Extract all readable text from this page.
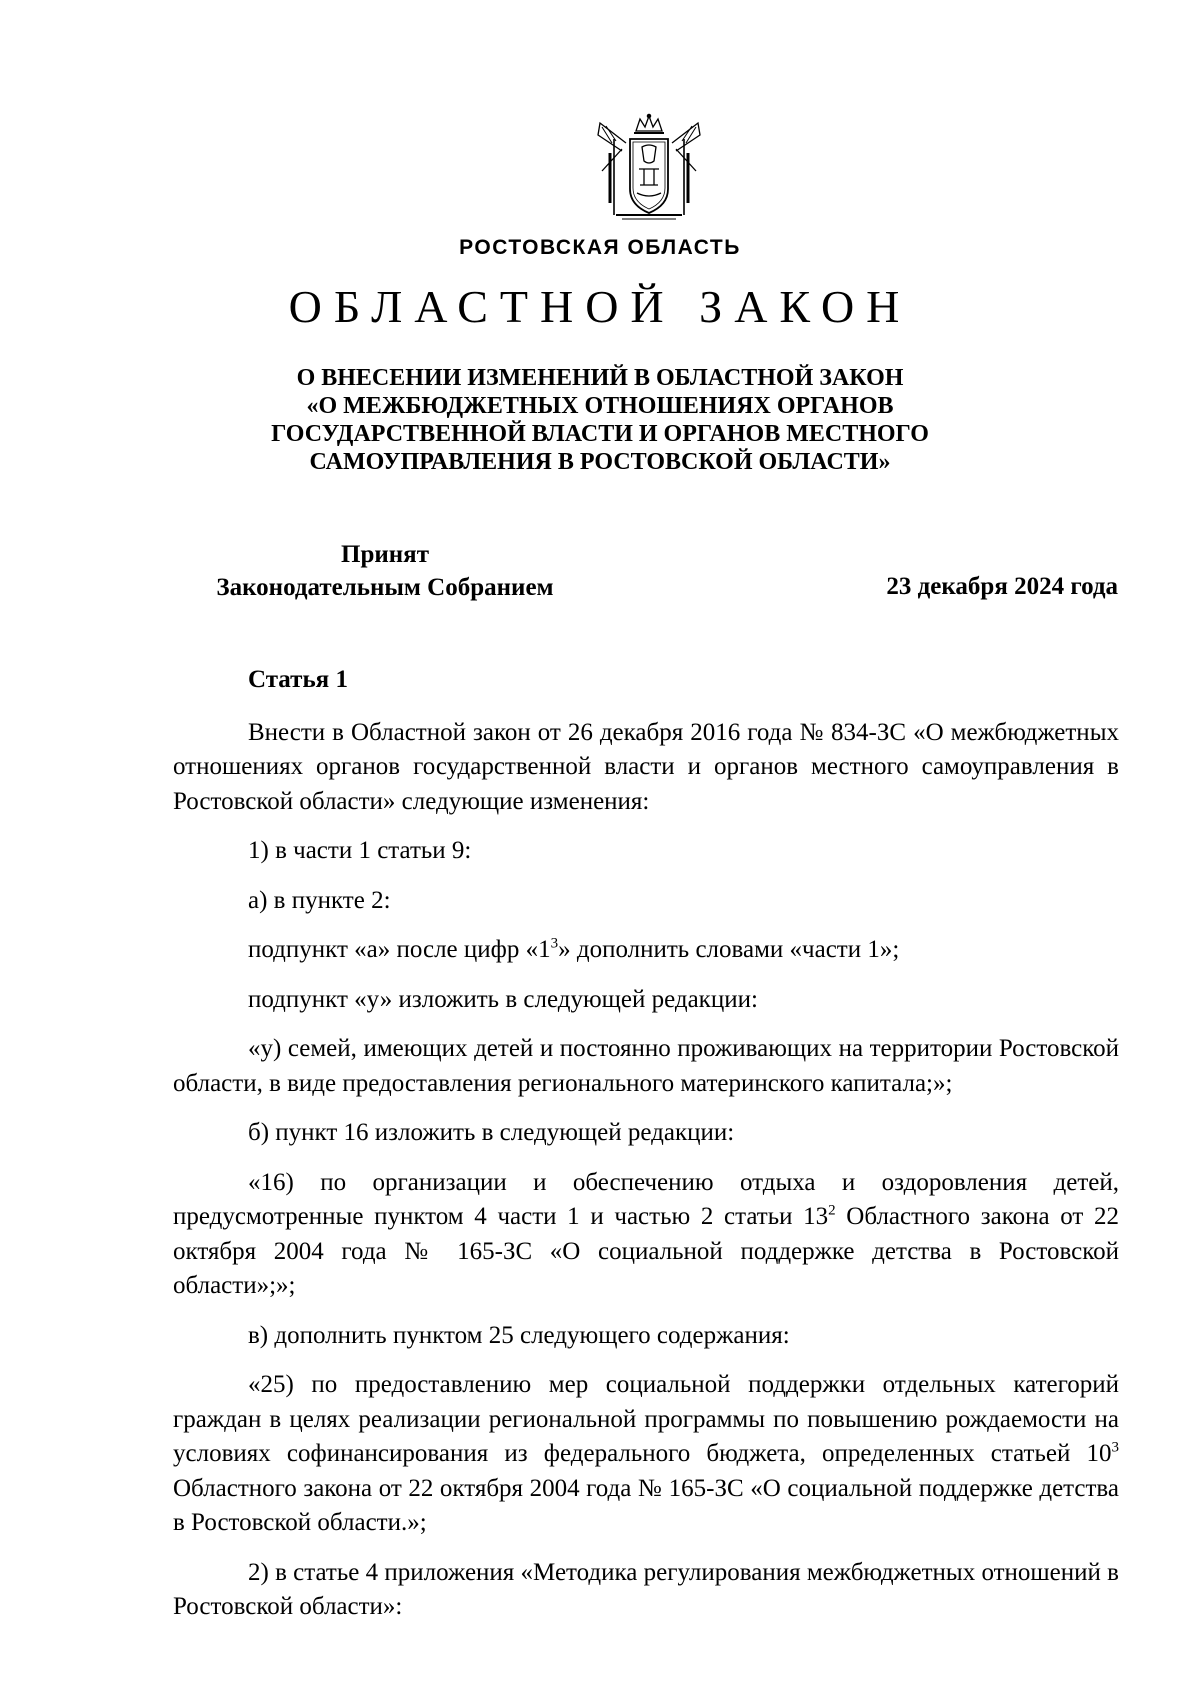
РОСТОВСКАЯ ОБЛАСТЬ
ОБЛАСТНОЙ ЗАКОН
О ВНЕСЕНИИ ИЗМЕНЕНИЙ В ОБЛАСТНОЙ ЗАКОН
«О МЕЖБЮДЖЕТНЫХ ОТНОШЕНИЯХ ОРГАНОВ
ГОСУДАРСТВЕННОЙ ВЛАСТИ И ОРГАНОВ МЕСТНОГО
САМОУПРАВЛЕНИЯ В РОСТОВСКОЙ ОБЛАСТИ»
Принят
Законодательным Собранием	23 декабря 2024 года
Статья 1

Внести в Областной закон от 26 декабря 2016 года № 834-ЗС «О межбюджетных отношениях органов государственной власти и органов местного самоуправления в Ростовской области» следующие изменения:

1) в части 1 статьи 9:

а) в пункте 2:

подпункт «а» после цифр «$1^3$» дополнить словами «части 1»;

подпункт «у» изложить в следующей редакции:

«у) семей, имеющих детей и постоянно проживающих на территории Ростовской области, в виде предоставления регионального материнского капитала;»;

б) пункт 16 изложить в следующей редакции:

«16) по организации и обеспечению отдыха и оздоровления детей, предусмотренные пунктом 4 части 1 и частью 2 статьи $13^2$ Областного закона от 22 октября 2004 года № 165-ЗС «О социальной поддержке детства в Ростовской области»;»;

в) дополнить пунктом 25 следующего содержания:

«25) по предоставлению мер социальной поддержки отдельных категорий граждан в целях реализации региональной программы по повышению рождаемости на условиях софинансирования из федерального бюджета, определенных статьей $10^3$ Областного закона от 22 октября 2004 года № 165-ЗС «О социальной поддержке детства в Ростовской области.»;

2) в статье 4 приложения «Методика регулирования межбюджетных отношений в Ростовской области»:
